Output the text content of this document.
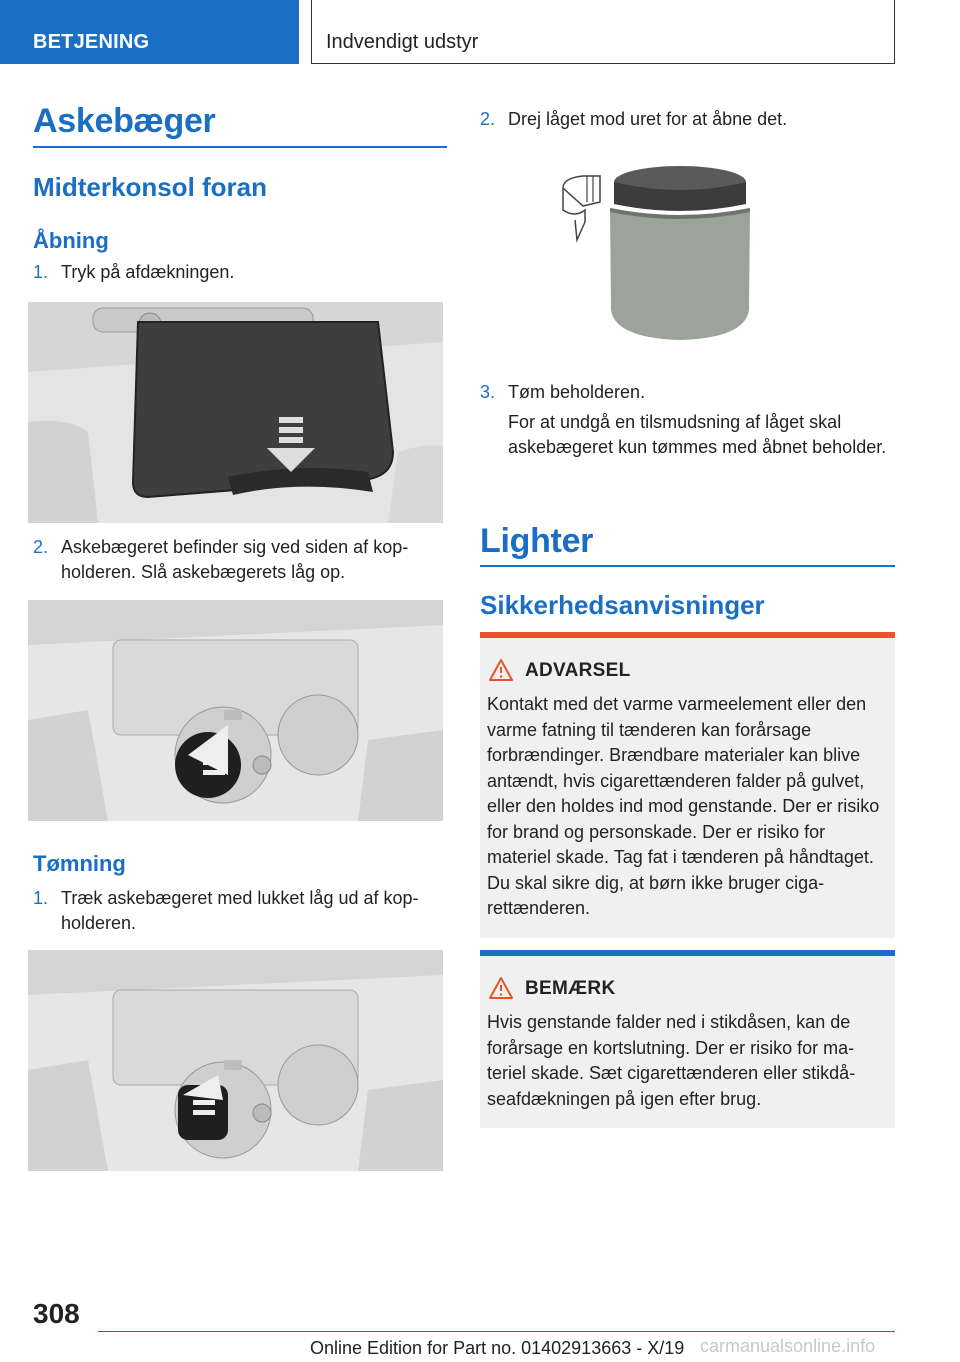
BETJENING	Indvendigt udstyr
Askebæger
Midterkonsol foran
Åbning
1. Tryk på afdækningen.
2. Askebægeret befinder sig ved siden af kopholderen. Slå askebægerets låg op.
Tømning
1. Træk askebægeret med lukket låg ud af kopholderen.
2. Drej låget mod uret for at åbne det.
3. Tøm beholderen.
For at undgå en tilsmudsning af låget skal askebægeret kun tømmes med åbnet beholder.
Lighter
Sikkerhedsanvisninger
ADVARSEL
Kontakt med det varme varmeelement eller den varme fatning til tænderen kan forårsage forbrændinger. Brændbare materialer kan blive antændt, hvis cigarettænderen falder på gulvet, eller den holdes ind mod genstande. Der er risiko for brand og personskade. Der er risiko for materiel skade. Tag fat i tænderen på håndtaget. Du skal sikre dig, at børn ikke bruger cigarettænderen.
BEMÆRK
Hvis genstande falder ned i stikdåsen, kan de forårsage en kortslutning. Der er risiko for materiel skade. Sæt cigarettænderen eller stikdåseafdækningen på igen efter brug.
308
Online Edition for Part no. 01402913663 - X/19 carmanualsonline.info
